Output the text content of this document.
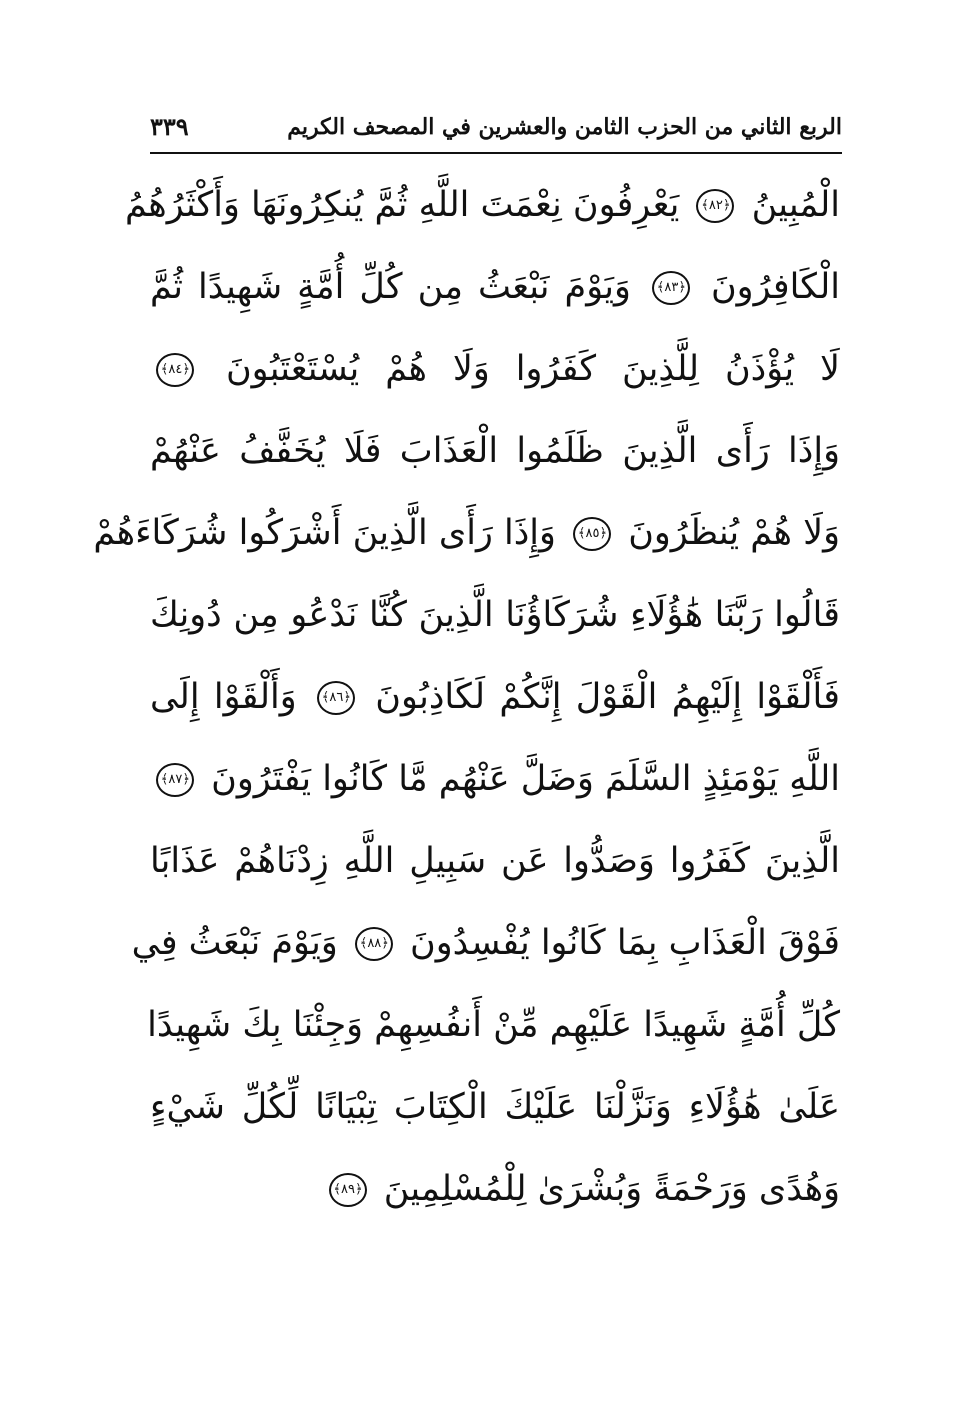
الربع الثاني من الحزب الثامن والعشرين في المصحف الكريم
٣٣٩
الْمُبِينُ ﴿٨٢﴾ يَعْرِفُونَ نِعْمَتَ اللَّهِ ثُمَّ يُنكِرُونَهَا وَأَكْثَرُهُمُ
الْكَافِرُونَ ﴿٨٣﴾ وَيَوْمَ نَبْعَثُ مِن كُلِّ أُمَّةٍ شَهِيدًا ثُمَّ
لَا يُؤْذَنُ لِلَّذِينَ كَفَرُوا وَلَا هُمْ يُسْتَعْتَبُونَ ﴿٨٤﴾
وَإِذَا رَأَى الَّذِينَ ظَلَمُوا الْعَذَابَ فَلَا يُخَفَّفُ عَنْهُمْ
وَلَا هُمْ يُنظَرُونَ ﴿٨٥﴾ وَإِذَا رَأَى الَّذِينَ أَشْرَكُوا شُرَكَاءَهُمْ
قَالُوا رَبَّنَا هَٰؤُلَاءِ شُرَكَاؤُنَا الَّذِينَ كُنَّا نَدْعُو مِن دُونِكَ
فَأَلْقَوْا إِلَيْهِمُ الْقَوْلَ إِنَّكُمْ لَكَاذِبُونَ ﴿٨٦﴾ وَأَلْقَوْا إِلَى
اللَّهِ يَوْمَئِذٍ السَّلَمَ وَضَلَّ عَنْهُم مَّا كَانُوا يَفْتَرُونَ ﴿٨٧﴾
الَّذِينَ كَفَرُوا وَصَدُّوا عَن سَبِيلِ اللَّهِ زِدْنَاهُمْ عَذَابًا
فَوْقَ الْعَذَابِ بِمَا كَانُوا يُفْسِدُونَ ﴿٨٨﴾ وَيَوْمَ نَبْعَثُ فِي
كُلِّ أُمَّةٍ شَهِيدًا عَلَيْهِم مِّنْ أَنفُسِهِمْ وَجِئْنَا بِكَ شَهِيدًا
عَلَىٰ هَٰؤُلَاءِ وَنَزَّلْنَا عَلَيْكَ الْكِتَابَ تِبْيَانًا لِّكُلِّ شَيْءٍ
وَهُدًى وَرَحْمَةً وَبُشْرَىٰ لِلْمُسْلِمِينَ ﴿٨٩﴾
